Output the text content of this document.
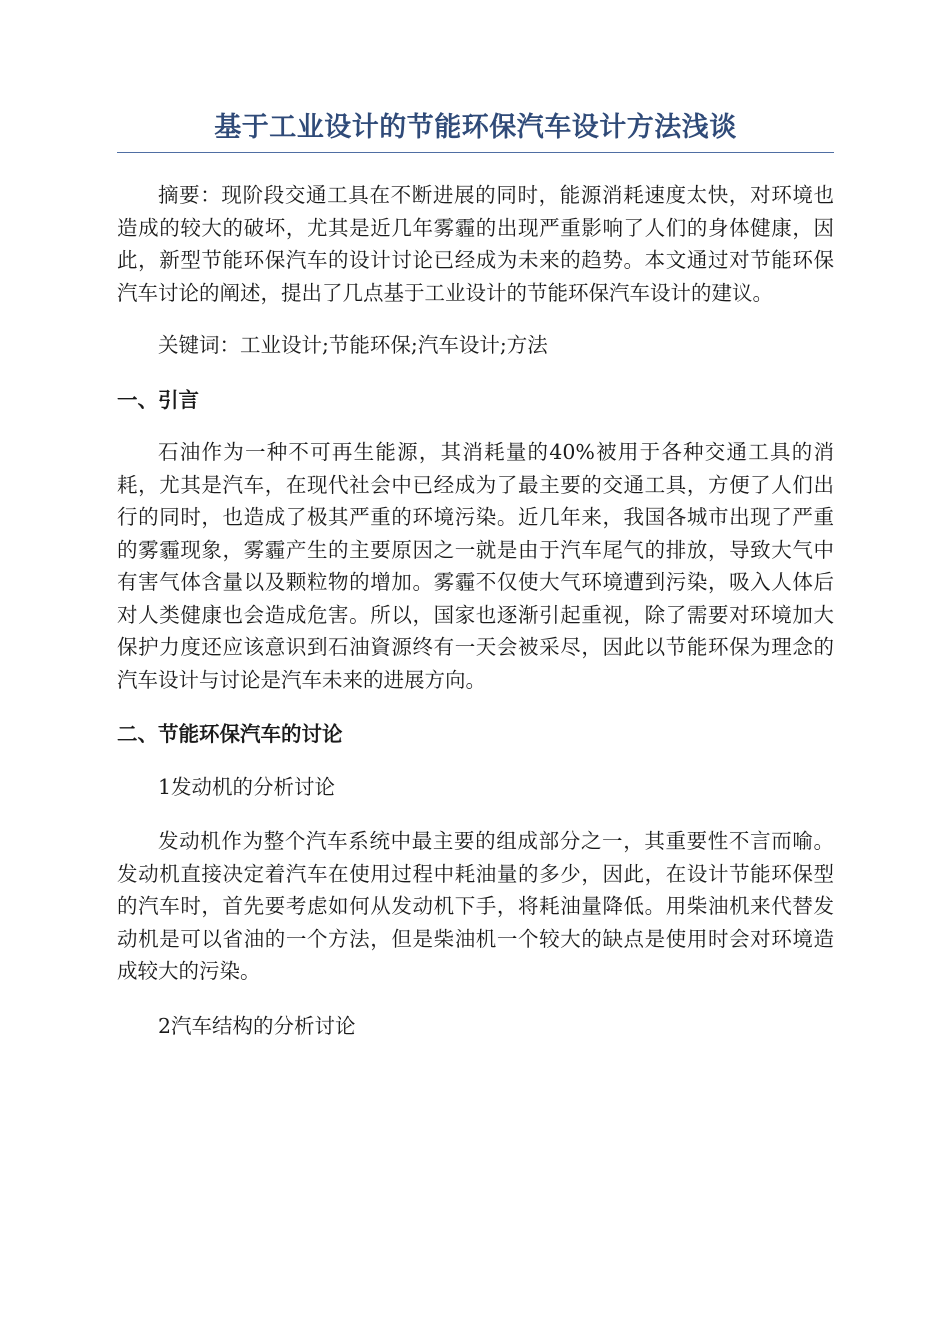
基于工业设计的节能环保汽车设计方法浅谈

摘要：现阶段交通工具在不断进展的同时，能源消耗速度太快，对环境也造成的较大的破坏，尤其是近几年雾霾的出现严重影响了人们的身体健康，因此，新型节能环保汽车的设计讨论已经成为未来的趋势。本文通过对节能环保汽车讨论的阐述，提出了几点基于工业设计的节能环保汽车设计的建议。

关键词：工业设计;节能环保;汽车设计;方法

一、引言

石油作为一种不可再生能源，其消耗量的40%被用于各种交通工具的消耗，尤其是汽车，在现代社会中已经成为了最主要的交通工具，方便了人们出行的同时，也造成了极其严重的环境污染。近几年来，我国各城市出现了严重的雾霾现象，雾霾产生的主要原因之一就是由于汽车尾气的排放，导致大气中有害气体含量以及颗粒物的增加。雾霾不仅使大气环境遭到污染，吸入人体后对人类健康也会造成危害。所以，国家也逐渐引起重视，除了需要对环境加大保护力度还应该意识到石油資源终有一天会被采尽，因此以节能环保为理念的汽车设计与讨论是汽车未来的进展方向。

二、节能环保汽车的讨论

1发动机的分析讨论

发动机作为整个汽车系统中最主要的组成部分之一，其重要性不言而喻。发动机直接决定着汽车在使用过程中耗油量的多少，因此，在设计节能环保型的汽车时，首先要考虑如何从发动机下手，将耗油量降低。用柴油机来代替发动机是可以省油的一个方法，但是柴油机一个较大的缺点是使用时会对环境造成较大的污染。

2汽车结构的分析讨论
